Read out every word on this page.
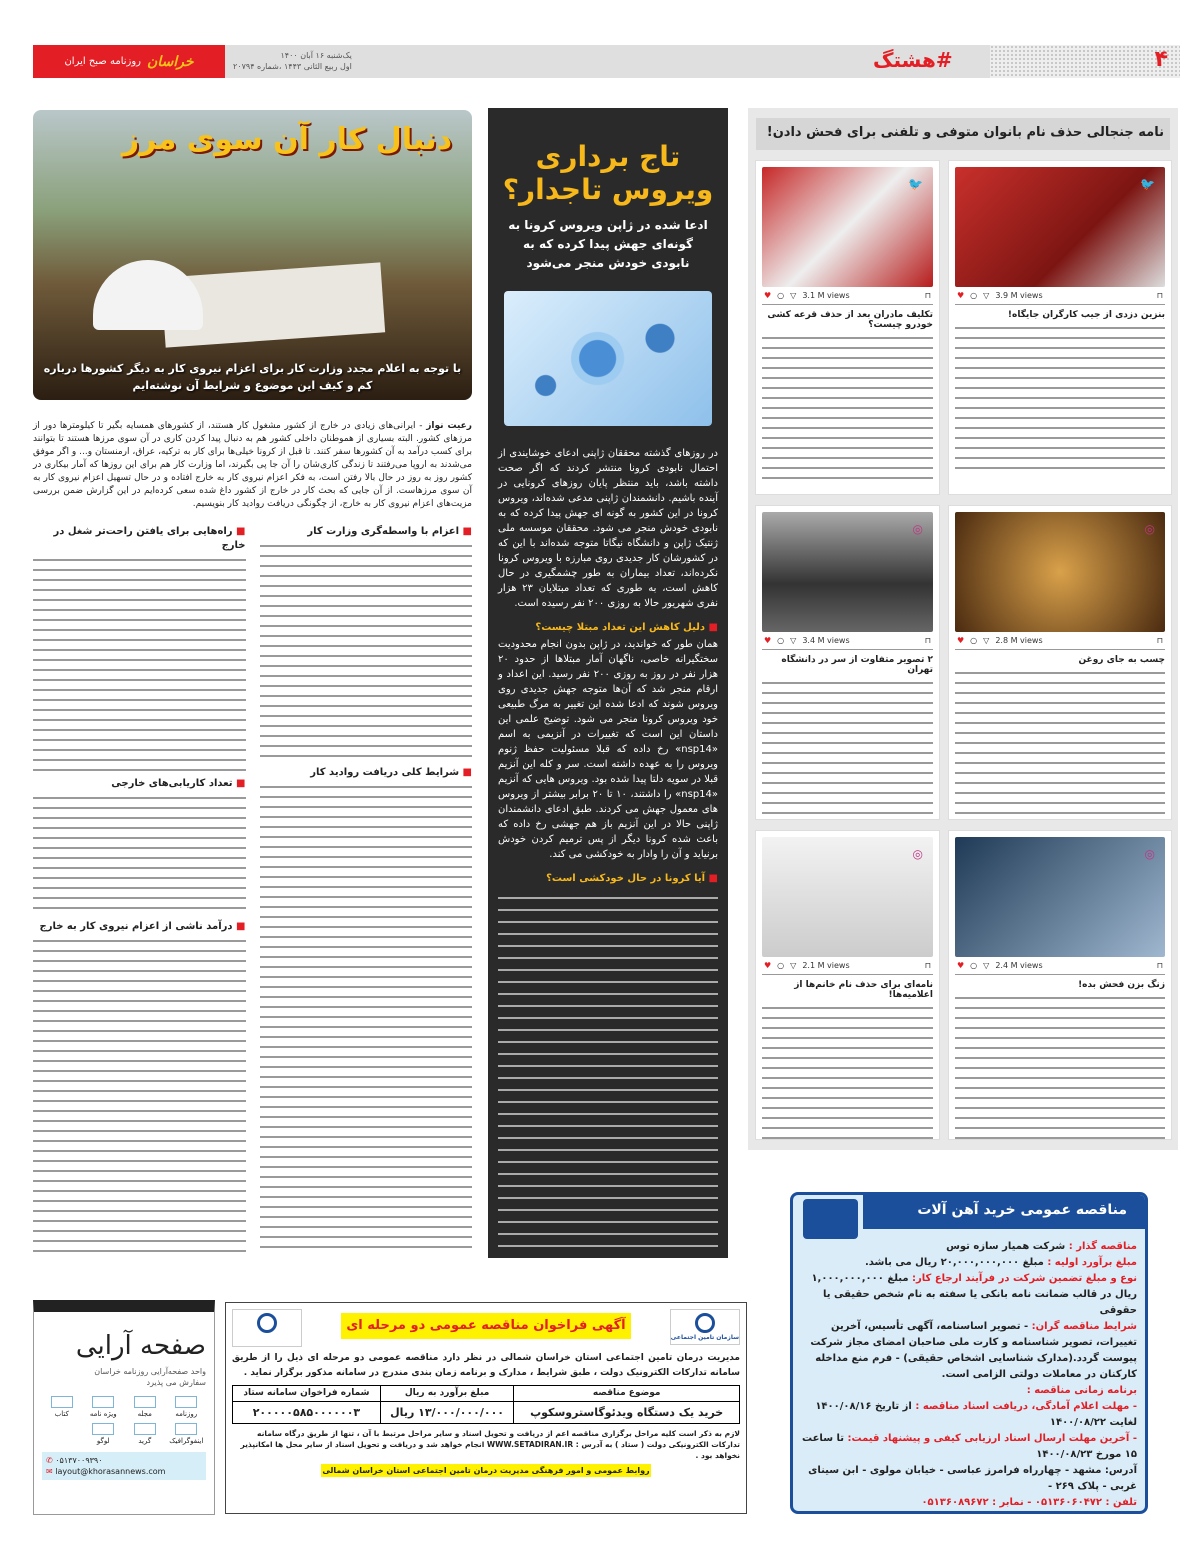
خراسان
روزنامه صبح ایران
یک‌شنبه ۱۶ آبان ۱۴۰۰
اول ربیع الثانی ۱۴۴۳ ،شماره ۲۰۷۹۴	#هشتگ	۴
نامه جنجالی حذف نام بانوان متوفی و تلفنی برای فحش دادن!
🐦
♥ ○ ▽ 3.9 M views	⊓
بنزین دزدی از جیب کارگران جایگاه!
🐦
♥ ○ ▽ 3.1 M views	⊓
تکلیف مادران بعد از حذف قرعه کشی خودرو چیست؟
◎
♥ ○ ▽ 2.8 M views	⊓
چسب به جای روغن
◎
♥ ○ ▽ 3.4 M views	⊓
۲ تصویر متفاوت از سر در دانشگاه تهران
◎
♥ ○ ▽ 2.4 M views	⊓
زنگ بزن فحش بده!
◎
♥ ○ ▽ 2.1 M views	⊓
نامه‌ای برای حذف نام خانم‌ها از اعلامیه‌ها!
تاج برداری
ویروس تاجدار؟
ادعا شده در ژاپن ویروس کرونا به گونه‌ای جهش پیدا کرده که به نابودی خودش منجر می‌شود
در روزهای گذشته محققان ژاپنی ادعای خوشایندی از احتمال نابودی کرونا منتشر کردند که اگر صحت داشته باشد، باید منتظر پایان روزهای کرونایی در آینده باشیم. دانشمندان ژاپنی مدعی شده‌اند، ویروس کرونا در این کشور به گونه ای جهش پیدا کرده که به نابودی خودش منجر می شود. محققان موسسه ملی ژنتیک ژاپن و دانشگاه نیگاتا متوجه شده‌اند با این که در کشورشان کار جدیدی روی مبارزه با ویروس کرونا نکرده‌اند، تعداد بیماران به طور چشمگیری در حال کاهش است، به طوری که تعداد مبتلایان ۲۳ هزار نفری شهریور حالا به روزی ۲۰۰ نفر رسیده است.
■ دلیل کاهش این تعداد مبتلا چیست؟
همان طور که خواندید، در ژاپن بدون انجام محدودیت سختگیرانه خاصی، ناگهان آمار مبتلاها از حدود ۲۰ هزار نفر در روز به روزی ۲۰۰ نفر رسید. این اعداد و ارقام منجر شد که آن‌ها متوجه جهش جدیدی روی ویروس شوند که ادعا شده این تغییر به مرگ طبیعی خود ویروس کرونا منجر می شود. توضیح علمی این داستان این است که تغییرات در آنزیمی به اسم «nsp14» رخ داده که قبلا مسئولیت حفظ ژنوم ویروس را به عهده داشته است. سر و کله این آنزیم قبلا در سویه دلتا پیدا شده بود. ویروس هایی که آنزیم «nsp14» را داشتند، ۱۰ تا ۲۰ برابر بیشتر از ویروس های معمول جهش می کردند. طبق ادعای دانشمندان ژاپنی حالا در این آنزیم باز هم جهشی رخ داده که باعث شده کرونا دیگر از پس ترمیم کردن خودش برنیاید و آن را وادار به خودکشی می کند.
■ آیا کرونا در حال خودکشی است؟
دنبال کار آن سوی مرز
با توجه به اعلام مجدد وزارت کار برای اعزام نیروی کار به دیگر کشورها درباره کم و کیف این موضوع و شرایط آن نوشته‌ایم
رعیت نواز - ایرانی‌های زیادی در خارج از کشور مشغول کار هستند، از کشورهای همسایه بگیر تا کیلومترها دور از مرزهای کشور. البته بسیاری از هموطنان داخلی کشور هم به دنبال پیدا کردن کاری در آن سوی مرزها هستند تا بتوانند برای کسب درآمد به آن کشورها سفر کنند. تا قبل از کرونا خیلی‌ها برای کار به ترکیه، عراق، ارمنستان و... و اگر موفق می‌شدند به اروپا می‌رفتند تا زندگی کاری‌شان را آن جا پی بگیرند، اما وزارت کار هم برای این روزها که آمار بیکاری در کشور روز به روز در حال بالا رفتن است، به فکر اعزام نیروی کار به خارج افتاده و در حال تسهیل اعزام نیروی کار به آن سوی مرزهاست. از آن جایی که بحث کار در خارج از کشور داغ شده سعی کرده‌ایم در این گزارش ضمن بررسی مزیت‌های اعزام نیروی کار به خارج، از چگونگی دریافت روادید کار بنویسیم.
■ اعزام با واسطه‌گری وزارت کار
■ شرایط کلی دریافت روادید کار
■ راه‌هایی برای یافتن راحت‌تر شغل در خارج
■ تعداد کاریابی‌های خارجی
■ درآمد ناشی از اعزام نیروی کار به خارج
مناقصه عمومی خرید آهن آلات
مناقصه گذار : شرکت همیار سازه توس
مبلغ برآورد اولیه : مبلغ ۲۰,۰۰۰,۰۰۰,۰۰۰ ریال می باشد.
نوع و مبلغ تضمین شرکت در فرآیند ارجاع کار: مبلغ ۱,۰۰۰,۰۰۰,۰۰۰ ریال در قالب ضمانت نامه بانکی یا سفته به نام شخص حقیقی یا حقوقی
شرایط مناقصه گران: - تصویر اساسنامه، آگهی تأسیس، آخرین تغییرات، تصویر شناسنامه و کارت ملی صاحبان امضای مجاز شرکت پیوست گردد.(مدارک شناسایی اشخاص حقیقی) - فرم منع مداخله کارکنان در معاملات دولتی الزامی است.
برنامه زمانی مناقصه :
- مهلت اعلام آمادگی، دریافت اسناد مناقصه : از تاریخ ۱۴۰۰/۰۸/۱۶ لغایت ۱۴۰۰/۰۸/۲۲
- آخرین مهلت ارسال اسناد ارزیابی کیفی و پیشنهاد قیمت: تا ساعت ۱۵ مورخ ۱۴۰۰/۰۸/۲۳
آدرس: مشهد - چهارراه فرامرز عباسی - خیابان مولوی - ابن سینای غربی - پلاک ۲۶۹ -
تلفن : ۰۵۱۳۶۰۶۰۴۷۲ - نمابر : ۰۵۱۳۶۰۸۹۶۷۲
سازمان تامین اجتماعی
آگهی فراخوان مناقصه عمومی دو مرحله ای
مدیریت درمان تامین اجتماعی استان خراسان شمالی در نظر دارد مناقصه عمومی دو مرحله ای ذیل را از طریق سامانه تدارکات الکترونیک دولت ، طبق شرایط ، مدارک و برنامه زمان بندی مندرج در سامانه مذکور برگزار نماید .
موضوع مناقصه	مبلغ برآورد به ریال	شماره فراخوان سامانه ستاد
خرید یک دستگاه ویدئوگاستروسکوپ	۱۳/۰۰۰/۰۰۰/۰۰۰ ریال	۲۰۰۰۰۰۵۸۵۰۰۰۰۰۰۳
لازم به ذکر است کلیه مراحل برگزاری مناقصه اعم از دریافت و تحویل اسناد و سایر مراحل مرتبط با آن ، تنها از طریق درگاه سامانه تدارکات الکترونیکی دولت ( ستاد ) به آدرس : WWW.SETADIRAN.IR انجام خواهد شد و دریافت و تحویل اسناد از سایر محل ها امکانپذیر نخواهد بود .
روابط عمومی و امور فرهنگی مدیریت درمان تامین اجتماعی استان خراسان شمالی
صفحه آرایی
واحد صفحه‌آرایی روزنامه خراسان سفارش می پذیرد
روزنامه
مجله
ویژه نامه
کتاب
اینفوگرافیک
گرید
لوگو
✆ ۰۵۱۳۷۰۰۹۳۹۰
✉ layout@khorasannews.com
